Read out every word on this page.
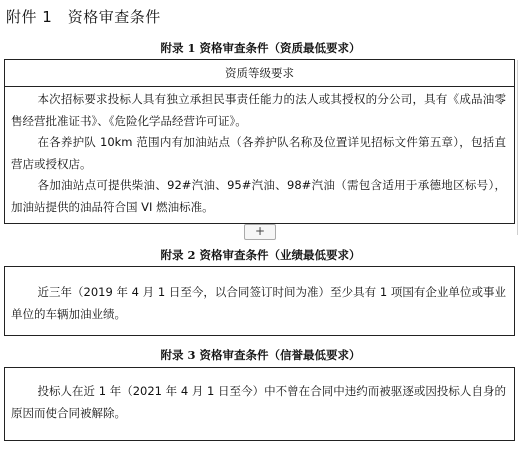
附件 1　资格审查条件
附录 1 资格审查条件（资质最低要求）
资质等级要求

本次招标要求投标人具有独立承担民事责任能力的法人或其授权的分公司，具有《成品油零售经营批准证书》、《危险化学品经营许可证》。

在各养护队 10km 范围内有加油站点（各养护队名称及位置详见招标文件第五章），包括直营店或授权店。

各加油站点可提供柴油、92#汽油、95#汽油、98#汽油（需包含适用于承德地区标号），加油站提供的油品符合国 VI 燃油标准。

+
附录 2 资格审查条件（业绩最低要求）

近三年（2019 年 4 月 1 日至今，以合同签订时间为准）至少具有 1 项国有企业单位或事业单位的车辆加油业绩。

附录 3 资格审查条件（信誉最低要求）

投标人在近 1 年（2021 年 4 月 1 日至今）中不曾在合同中违约而被驱逐或因投标人自身的原因而使合同被解除。
